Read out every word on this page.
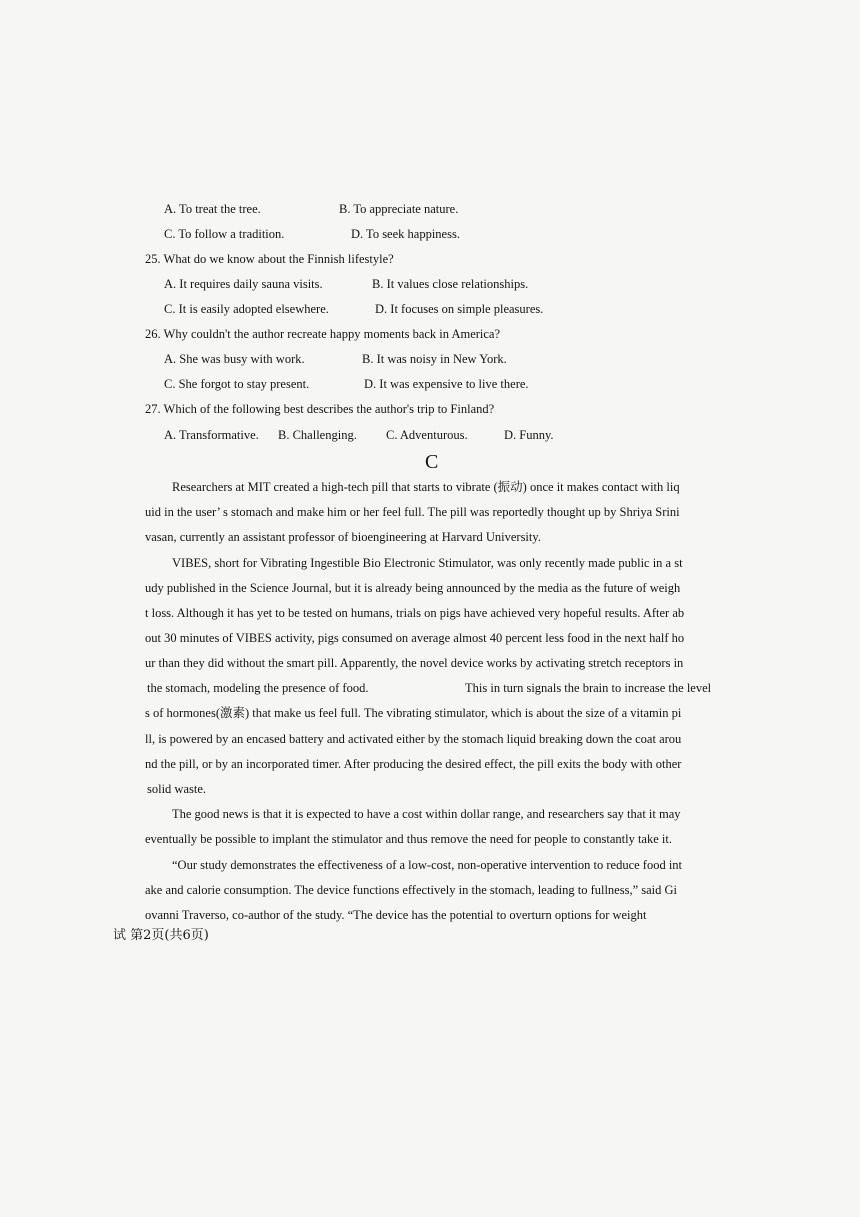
A. To treat the tree.	B. To appreciate nature.
C. To follow a tradition.	D. To seek happiness.
25. What do we know about the Finnish lifestyle?
A. It requires daily sauna visits.	B. It values close relationships.
C. It is easily adopted elsewhere.	D. It focuses on simple pleasures.
26. Why couldn't the author recreate happy moments back in America?
A. She was busy with work.	B. It was noisy in New York.
C. She forgot to stay present.	D. It was expensive to live there.
27. Which of the following best describes the author's trip to Finland?
A. Transformative. B. Challenging. C. Adventurous.	D. Funny.
C
Researchers at MIT created a high-tech pill that starts to vibrate (振动) once it makes contact with liq
uid in the user’ s stomach and make him or her feel full. The pill was reportedly thought up by Shriya Srini
vasan, currently an assistant professor of bioengineering at Harvard University.
VIBES, short for Vibrating Ingestible Bio Electronic Stimulator, was only recently made public in a st
udy published in the Science Journal, but it is already being announced by the media as the future of weigh
t loss. Although it has yet to be tested on humans, trials on pigs have achieved very hopeful results. After ab
out 30 minutes of VIBES activity, pigs consumed on average almost 40 percent less food in the next half ho
ur than they did without the smart pill. Apparently, the novel device works by activating stretch receptors in
the stomach, modeling the presence of food.	This in turn signals the brain to increase the level
s of hormones(激素) that make us feel full. The vibrating stimulator, which is about the size of a vitamin pi
ll, is powered by an encased battery and activated either by the stomach liquid breaking down the coat arou
nd the pill, or by an incorporated timer. After producing the desired effect, the pill exits the body with other
solid waste.
The good news is that it is expected to have a cost within dollar range, and researchers say that it may
eventually be possible to implant the stimulator and thus remove the need for people to constantly take it.
“Our study demonstrates the effectiveness of a low-cost, non-operative intervention to reduce food int
ake and calorie consumption. The device functions effectively in the stomach, leading to fullness,” said Gi
ovanni Traverso, co-author of the study. “The device has the potential to overturn options for weight
试 第2页(共6页)
